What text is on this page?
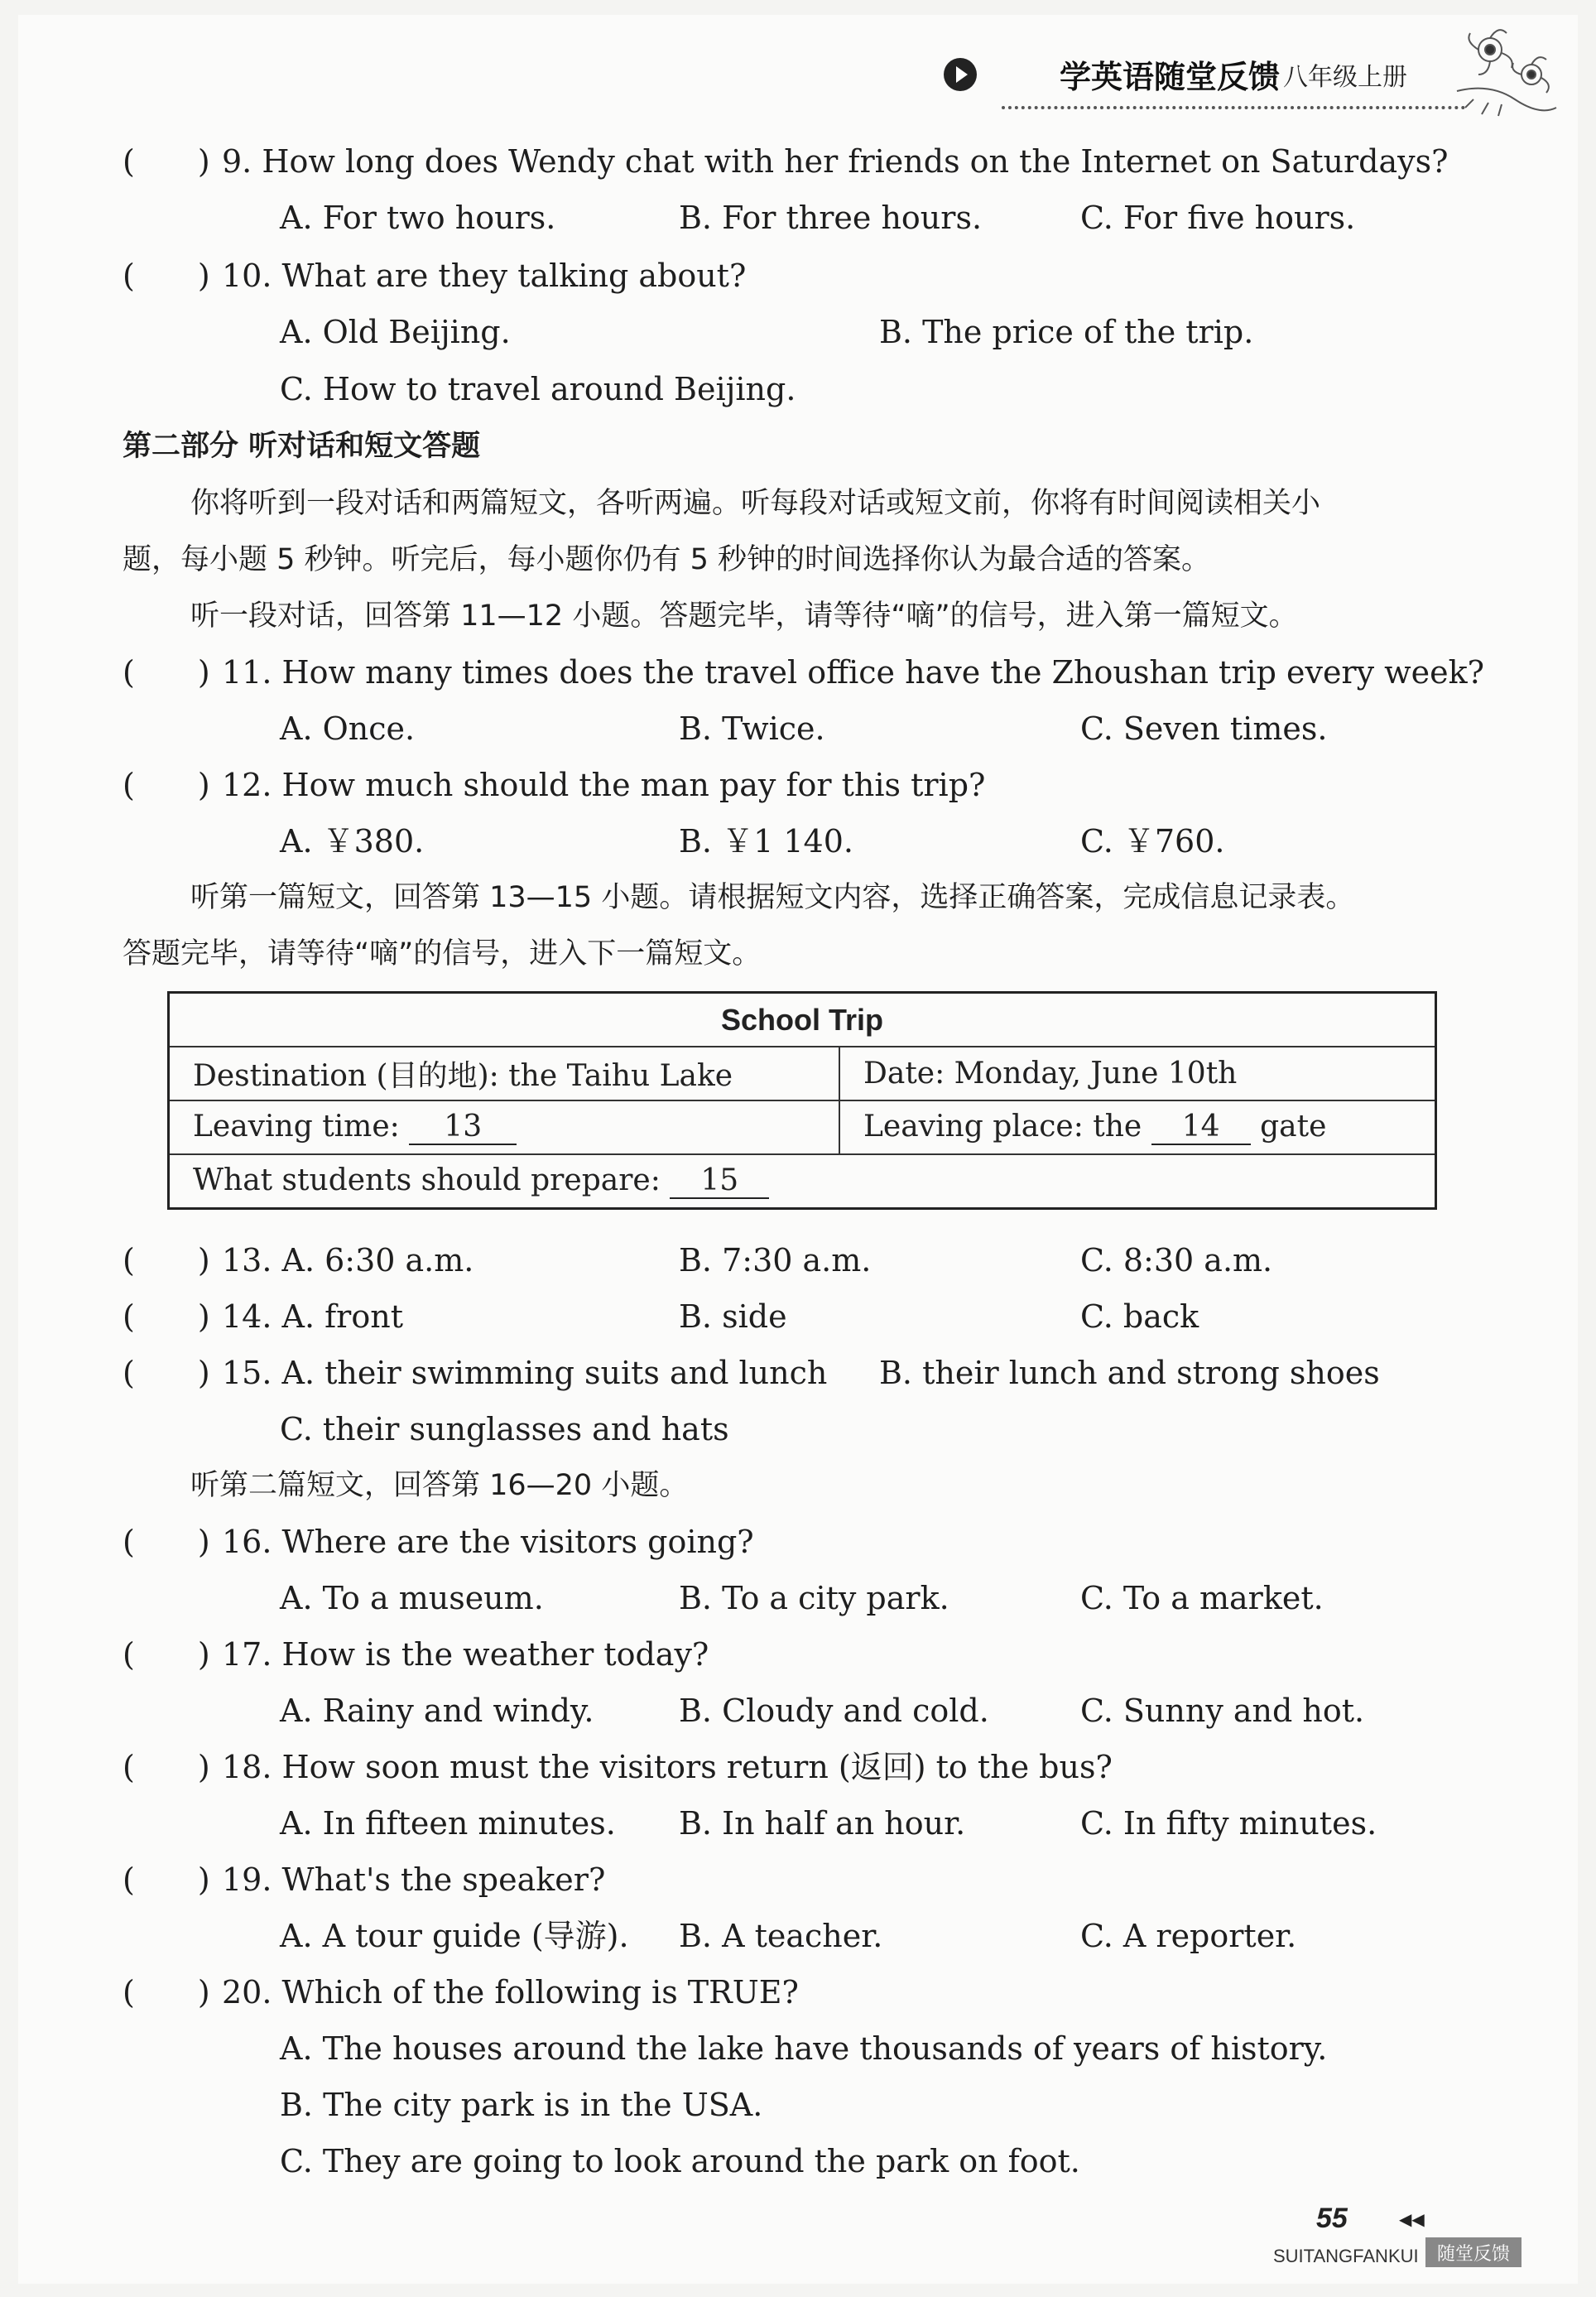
学英语随堂反馈 八年级上册
(　　) 9. How long does Wendy chat with her friends on the Internet on Saturdays?
A. For two hours.	B. For three hours.	C. For five hours.
(　　) 10. What are they talking about?
A. Old Beijing.	B. The price of the trip.
C. How to travel around Beijing.
第二部分 听对话和短文答题
你将听到一段对话和两篇短文，各听两遍。听每段对话或短文前，你将有时间阅读相关小
题，每小题 5 秒钟。听完后，每小题你仍有 5 秒钟的时间选择你认为最合适的答案。
听一段对话，回答第 11—12 小题。答题完毕，请等待“嘀”的信号，进入第一篇短文。
(　　) 11. How many times does the travel office have the Zhoushan trip every week?
A. Once.	B. Twice.	C. Seven times.
(　　) 12. How much should the man pay for this trip?
A. ￥380.	B. ￥1 140.	C. ￥760.
听第一篇短文，回答第 13—15 小题。请根据短文内容，选择正确答案，完成信息记录表。
答题完毕，请等待“嘀”的信号，进入下一篇短文。
School Trip	
Destination (目的地): the Taihu Lake	Date: Monday, June 10th
Leaving time: 13	Leaving place: the 14 gate
What students should prepare: 15	
(　　) 13. A. 6:30 a.m.	B. 7:30 a.m.	C. 8:30 a.m.
(　　) 14. A. front	B. side	C. back
(　　) 15. A. their swimming suits and lunch B. their lunch and strong shoes
C. their sunglasses and hats
听第二篇短文，回答第 16—20 小题。
(　　) 16. Where are the visitors going?
A. To a museum.	B. To a city park.	C. To a market.
(　　) 17. How is the weather today?
A. Rainy and windy.	B. Cloudy and cold.	C. Sunny and hot.
(　　) 18. How soon must the visitors return (返回) to the bus?
A. In fifteen minutes. B. In half an hour.	C. In fifty minutes.
(　　) 19. What's the speaker?
A. A tour guide (导游). B. A teacher.	C. A reporter.
(　　) 20. Which of the following is TRUE?
A. The houses around the lake have thousands of years of history.
B. The city park is in the USA.
C. They are going to look around the park on foot.
55	◀◀
SUITANGFANKUI	随堂反馈
